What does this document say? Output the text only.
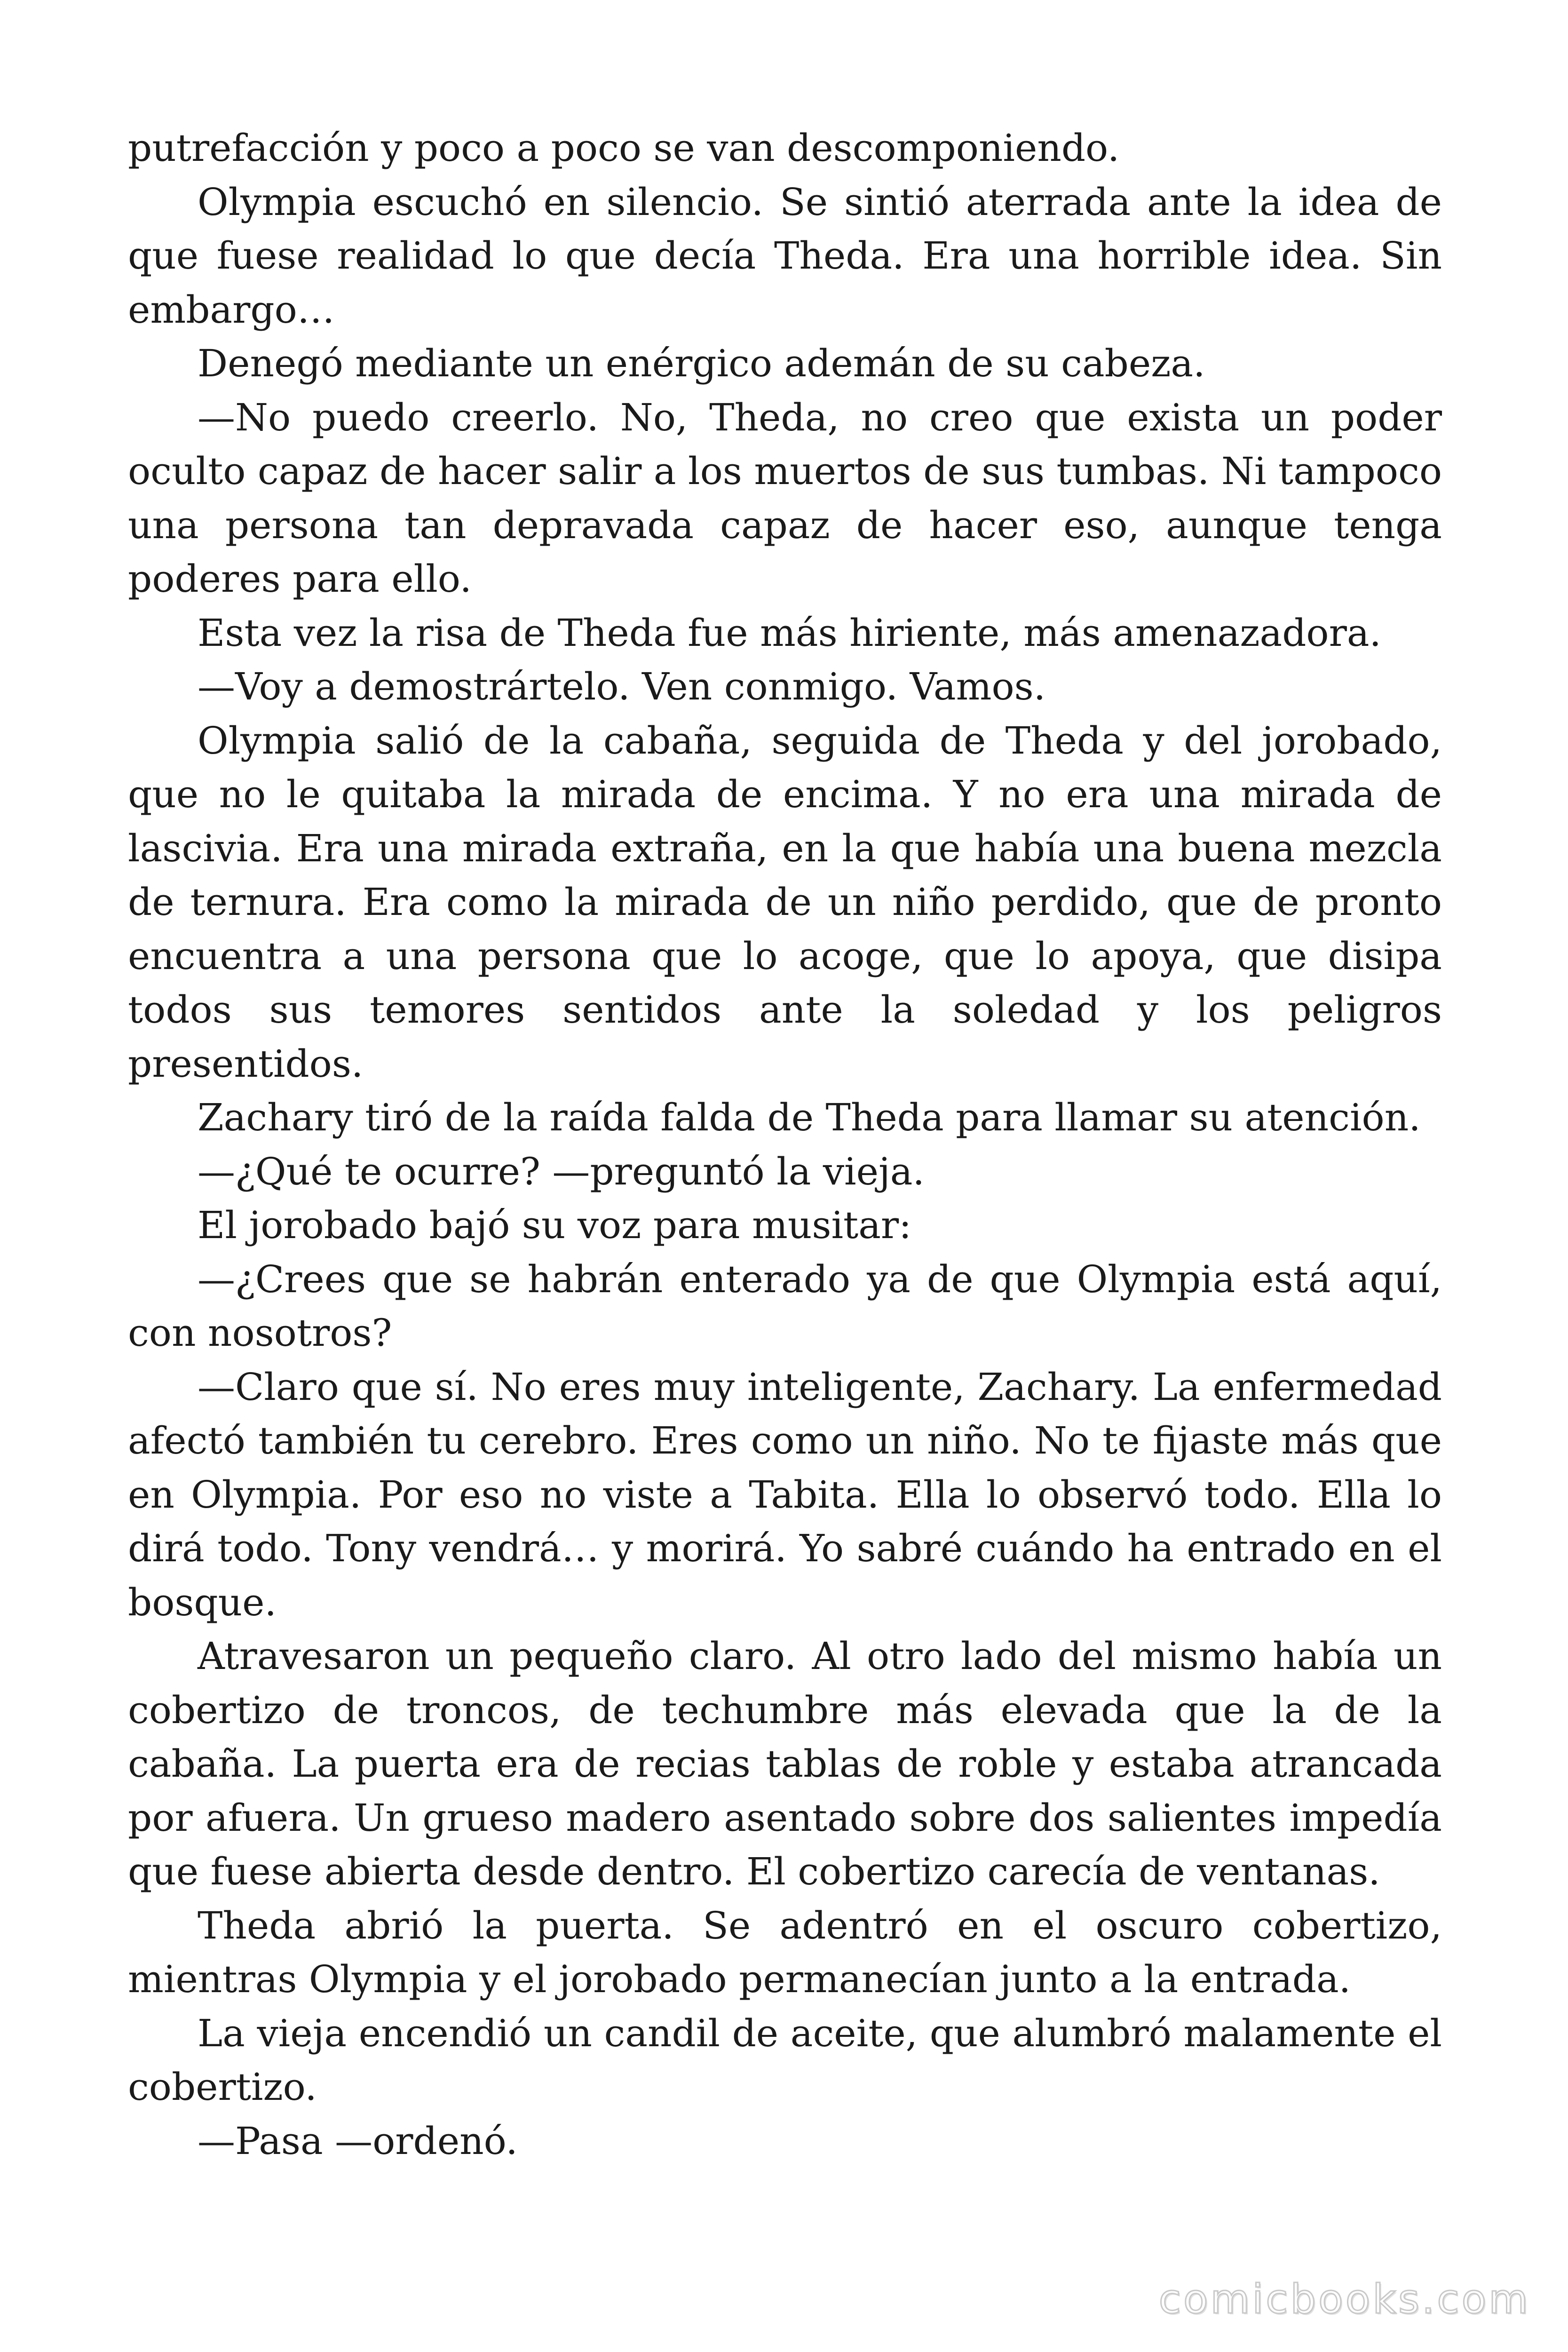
putrefacción y poco a poco se van descomponiendo.

Olympia escuchó en silencio. Se sintió aterrada ante la idea de que fuese realidad lo que decía Theda. Era una horrible idea. Sin embargo…

Denegó mediante un enérgico ademán de su cabeza.

—No puedo creerlo. No, Theda, no creo que exista un poder oculto capaz de hacer salir a los muertos de sus tumbas. Ni tampoco una persona tan depravada capaz de hacer eso, aunque tenga poderes para ello.

Esta vez la risa de Theda fue más hiriente, más amenazadora.

—Voy a demostrártelo. Ven conmigo. Vamos.

Olympia salió de la cabaña, seguida de Theda y del jorobado, que no le quitaba la mirada de encima. Y no era una mirada de lascivia. Era una mirada extraña, en la que había una buena mezcla de ternura. Era como la mirada de un niño perdido, que de pronto encuentra a una persona que lo acoge, que lo apoya, que disipa todos sus temores sentidos ante la soledad y los peligros presentidos.

Zachary tiró de la raída falda de Theda para llamar su atención.

—¿Qué te ocurre? —preguntó la vieja.

El jorobado bajó su voz para musitar:

—¿Crees que se habrán enterado ya de que Olympia está aquí, con nosotros?

—Claro que sí. No eres muy inteligente, Zachary. La enfermedad afectó también tu cerebro. Eres como un niño. No te fijaste más que en Olympia. Por eso no viste a Tabita. Ella lo observó todo. Ella lo dirá todo. Tony vendrá… y morirá. Yo sabré cuándo ha entrado en el bosque.

Atravesaron un pequeño claro. Al otro lado del mismo había un cobertizo de troncos, de techumbre más elevada que la de la cabaña. La puerta era de recias tablas de roble y estaba atrancada por afuera. Un grueso madero asentado sobre dos salientes impedía que fuese abierta desde dentro. El cobertizo carecía de ventanas.

Theda abrió la puerta. Se adentró en el oscuro cobertizo, mientras Olympia y el jorobado permanecían junto a la entrada.

La vieja encendió un candil de aceite, que alumbró malamente el cobertizo.

—Pasa —ordenó.

comicbooks.com
